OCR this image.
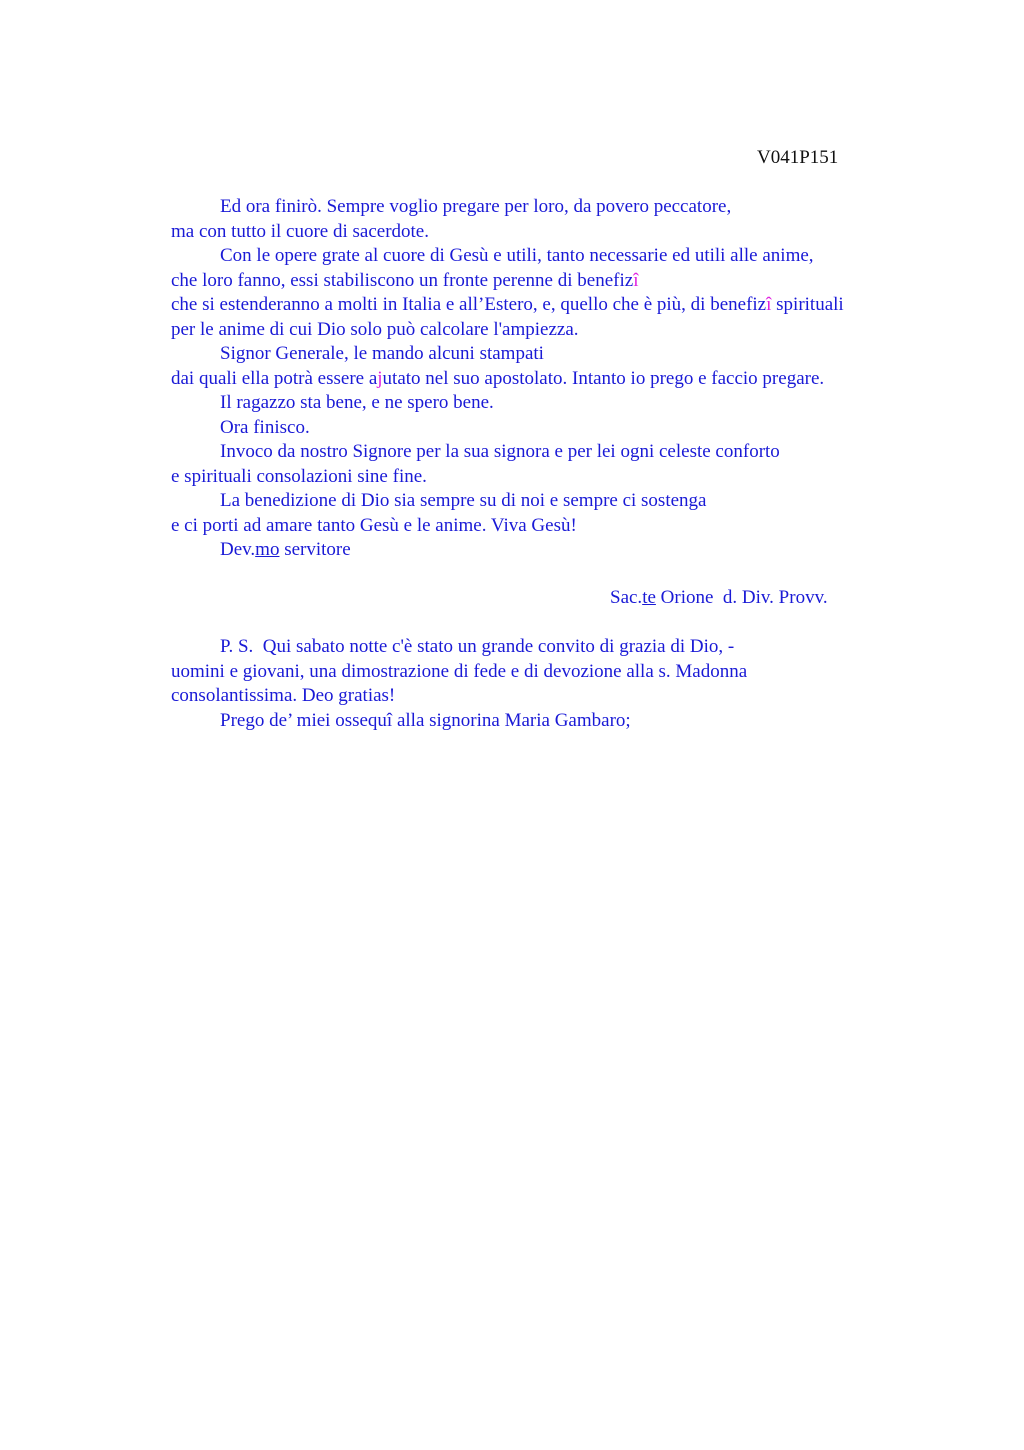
V041P151
Ed ora finirò. Sempre voglio pregare per loro, da povero peccatore,
ma con tutto il cuore di sacerdote.
Con le opere grate al cuore di Gesù e utili, tanto necessarie ed utili alle anime,
che loro fanno, essi stabiliscono un fronte perenne di benefizî
che si estenderanno a molti in Italia e all’Estero, e, quello che è più, di benefizî spirituali
per le anime di cui Dio solo può calcolare l'ampiezza.
Signor Generale, le mando alcuni stampati
dai quali ella potrà essere ajutato nel suo apostolato. Intanto io prego e faccio pregare.
Il ragazzo sta bene, e ne spero bene.
Ora finisco.
Invoco da nostro Signore per la sua signora e per lei ogni celeste conforto
e spirituali consolazioni sine fine.
La benedizione di Dio sia sempre su di noi e sempre ci sostenga
e ci porti ad amare tanto Gesù e le anime. Viva Gesù!
Dev.mo servitore
Sac.te Orione  d. Div. Provv.
P. S.  Qui sabato notte c'è stato un grande convito di grazia di Dio, -
uomini e giovani, una dimostrazione di fede e di devozione alla s. Madonna
consolantissima. Deo gratias!
Prego de’ miei ossequî alla signorina Maria Gambaro;
